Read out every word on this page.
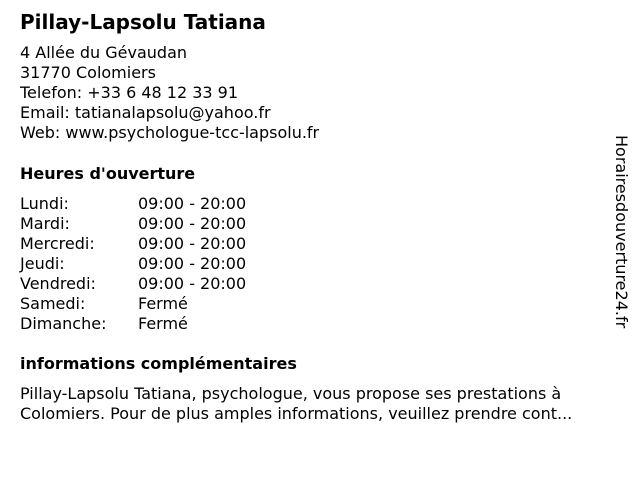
Pillay-Lapsolu Tatiana
4 Allée du Gévaudan
31770 Colomiers
Telefon: +33 6 48 12 33 91
Email: tatianalapsolu@yahoo.fr
Web: www.psychologue-tcc-lapsolu.fr
Heures d'ouverture
Lundi:	09:00 - 20:00
Mardi:	09:00 - 20:00
Mercredi:	09:00 - 20:00
Jeudi:	09:00 - 20:00
Vendredi:	09:00 - 20:00
Samedi:	Fermé
Dimanche:	Fermé
informations complémentaires
Pillay-Lapsolu Tatiana, psychologue, vous propose ses prestations à
Colomiers. Pour de plus amples informations, veuillez prendre cont...
Horairesdouverture24.fr
